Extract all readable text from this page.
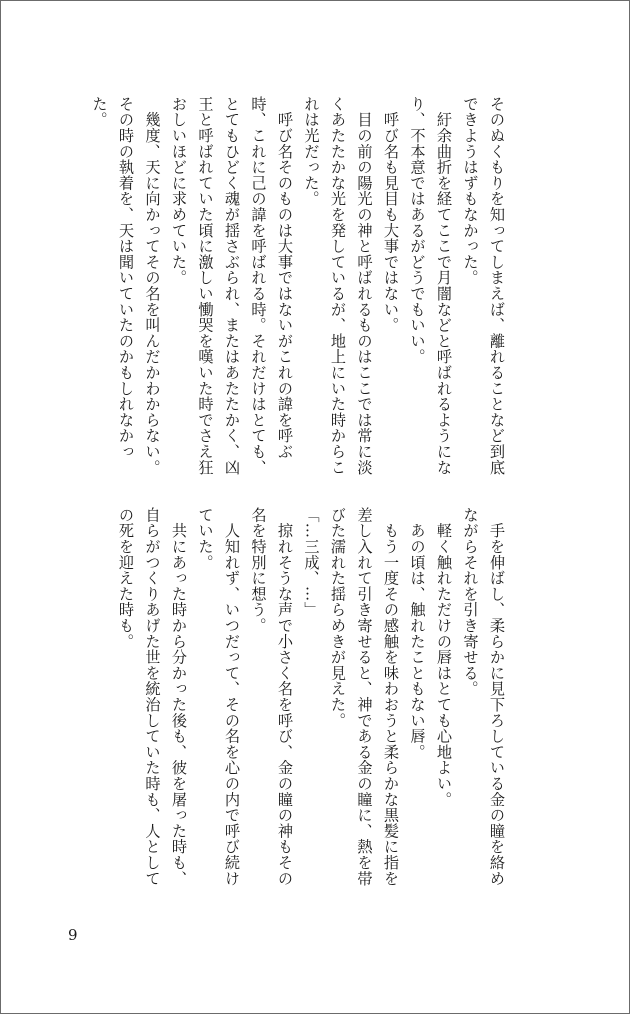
そのぬくもりを知ってしまえば、離れることなど到底できようはずもなかった。

　紆余曲折を経てここで月闇などと呼ばれるようになり、不本意ではあるがどうでもいい。

　呼び名も見目も大事ではない。

　目の前の陽光の神と呼ばれるものはここでは常に淡くあたたかな光を発しているが、地上にいた時からこれは光だった。

　呼び名そのものは大事ではないがこれの諱を呼ぶ時、これに己の諱を呼ばれる時。それだけはとても、とてもひどく魂が揺さぶられ、またはあたたかく、凶王と呼ばれていた頃に激しい慟哭を嘆いた時でさえ狂おしいほどに求めていた。

　幾度、天に向かってその名を叫んだかわからない。その時の執着を、天は聞いていたのかもしれなかった。

　手を伸ばし、柔らかに見下ろしている金の瞳を絡めながらそれを引き寄せる。

　軽く触れただけの唇はとても心地よい。

　あの頃は、触れたこともない唇。

　もう一度その感触を味わおうと柔らかな黒髪に指を差し入れて引き寄せると、神である金の瞳に、熱を帯びた濡れた揺らめきが見えた。

「…三成、…」

　掠れそうな声で小さく名を呼び、金の瞳の神もその名を特別に想う。

　人知れず、いつだって、その名を心の内で呼び続けていた。

　共にあった時から分かった後も、彼を屠った時も、自らがつくりあげた世を統治していた時も、人としての死を迎えた時も。

9
